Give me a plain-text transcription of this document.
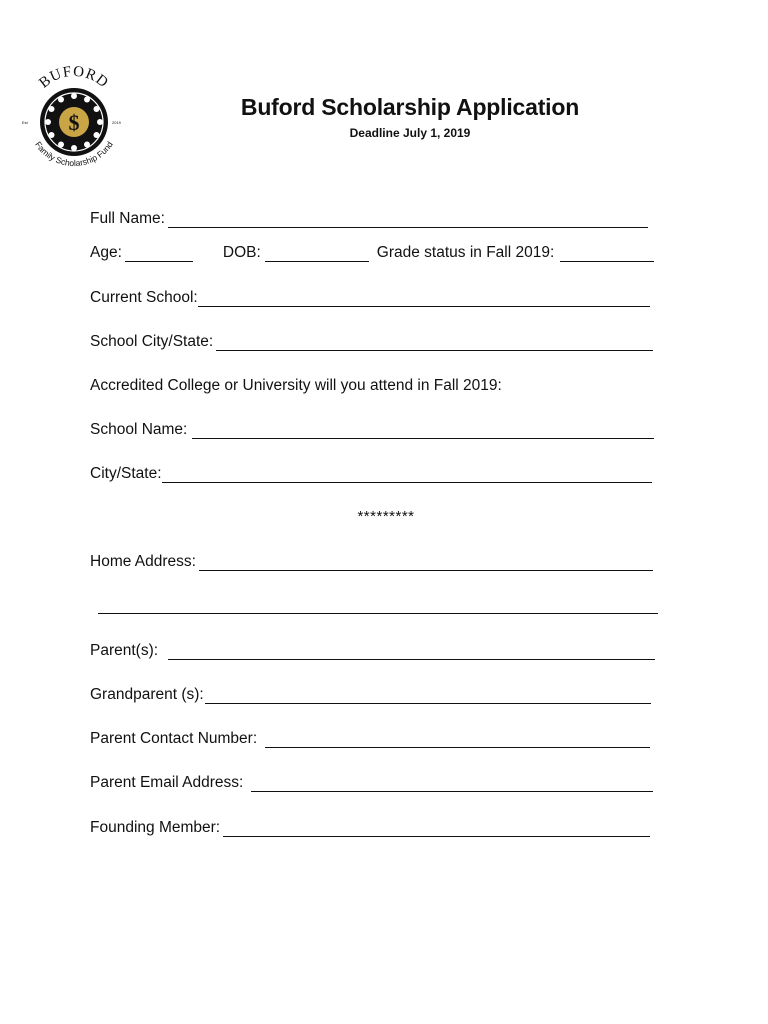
BUFORD
$
Est	2019
Family Scholarship Fund
Buford Scholarship Application
Deadline July 1, 2019
Full Name:
Age:	DOB:	Grade status in Fall 2019:
Current School:
School City/State:
Accredited College or University will you attend in Fall 2019:
School Name:
City/State:
*********
Home Address:
Parent(s):
Grandparent (s):
Parent Contact Number:
Parent Email Address:
Founding Member:
